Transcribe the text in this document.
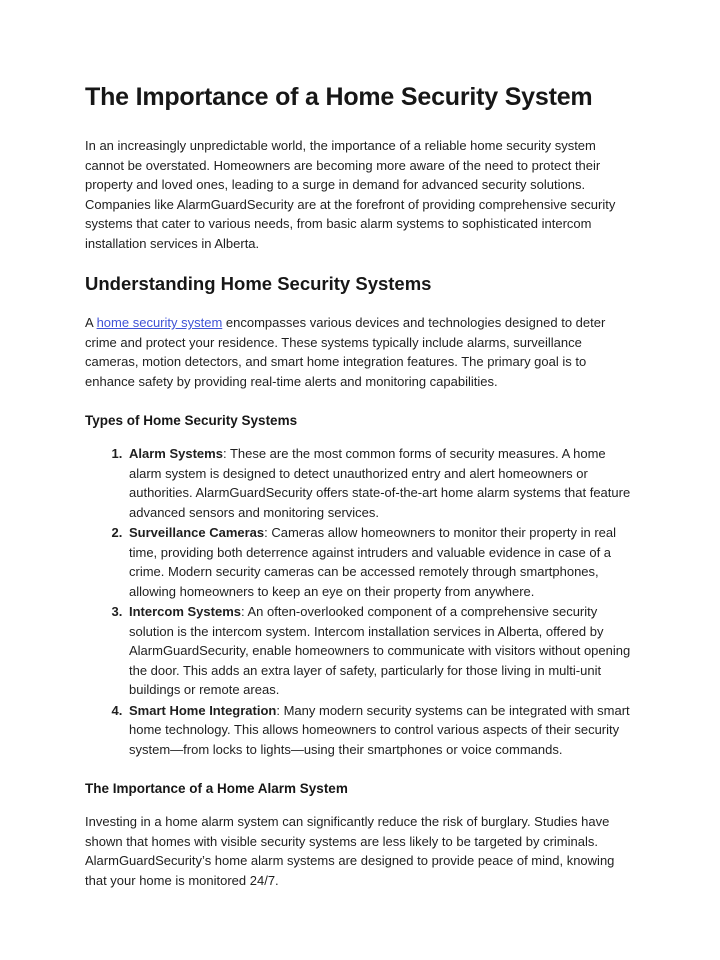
The Importance of a Home Security System

In an increasingly unpredictable world, the importance of a reliable home security system cannot be overstated. Homeowners are becoming more aware of the need to protect their property and loved ones, leading to a surge in demand for advanced security solutions. Companies like AlarmGuardSecurity are at the forefront of providing comprehensive security systems that cater to various needs, from basic alarm systems to sophisticated intercom installation services in Alberta.

Understanding Home Security Systems

A home security system encompasses various devices and technologies designed to deter crime and protect your residence. These systems typically include alarms, surveillance cameras, motion detectors, and smart home integration features. The primary goal is to enhance safety by providing real-time alerts and monitoring capabilities.

Types of Home Security Systems
1. Alarm Systems: These are the most common forms of security measures. A home alarm system is designed to detect unauthorized entry and alert homeowners or authorities. AlarmGuardSecurity offers state-of-the-art home alarm systems that feature advanced sensors and monitoring services.
2. Surveillance Cameras: Cameras allow homeowners to monitor their property in real time, providing both deterrence against intruders and valuable evidence in case of a crime. Modern security cameras can be accessed remotely through smartphones, allowing homeowners to keep an eye on their property from anywhere.
3. Intercom Systems: An often-overlooked component of a comprehensive security solution is the intercom system. Intercom installation services in Alberta, offered by AlarmGuardSecurity, enable homeowners to communicate with visitors without opening the door. This adds an extra layer of safety, particularly for those living in multi-unit buildings or remote areas.
4. Smart Home Integration: Many modern security systems can be integrated with smart home technology. This allows homeowners to control various aspects of their security system—from locks to lights—using their smartphones or voice commands.
The Importance of a Home Alarm System

Investing in a home alarm system can significantly reduce the risk of burglary. Studies have shown that homes with visible security systems are less likely to be targeted by criminals. AlarmGuardSecurity’s home alarm systems are designed to provide peace of mind, knowing that your home is monitored 24/7.
